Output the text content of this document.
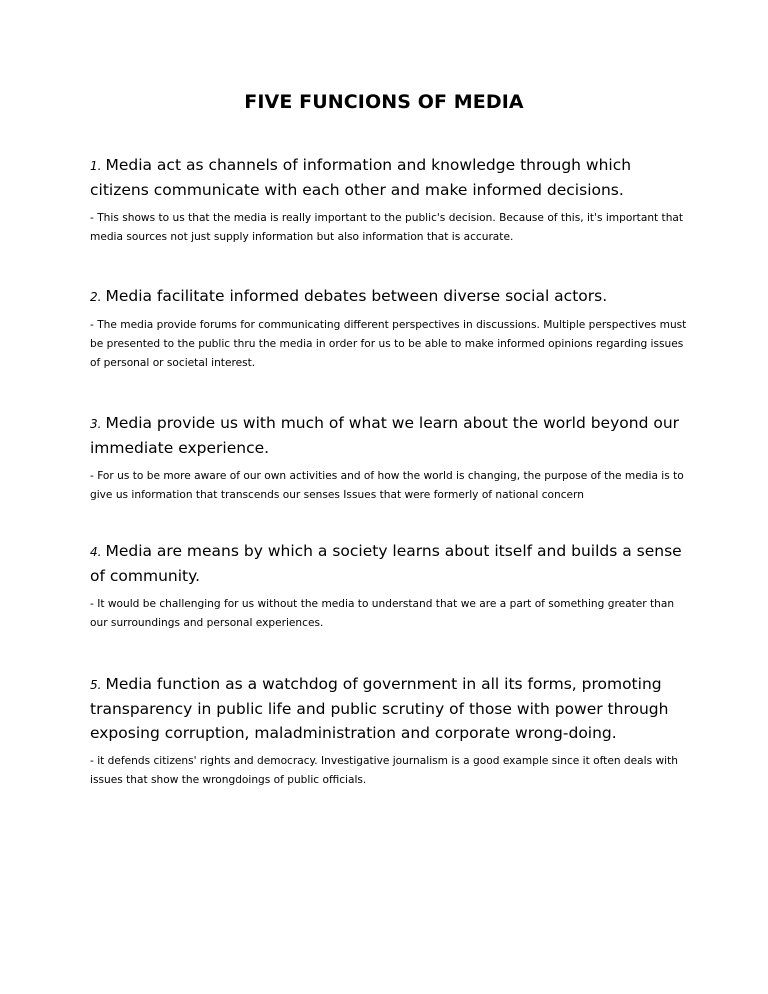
FIVE FUNCIONS OF MEDIA

1. Media act as channels of information and knowledge through which citizens communicate with each other and make informed decisions.

- This shows to us that the media is really important to the public's decision. Because of this, it's important that media sources not just supply information but also information that is accurate.

2. Media facilitate informed debates between diverse social actors.

- The media provide forums for communicating different perspectives in discussions. Multiple perspectives must be presented to the public thru the media in order for us to be able to make informed opinions regarding issues of personal or societal interest.

3. Media provide us with much of what we learn about the world beyond our immediate experience.

- For us to be more aware of our own activities and of how the world is changing, the purpose of the media is to give us information that transcends our senses Issues that were formerly of national concern

4. Media are means by which a society learns about itself and builds a sense of community.

- It would be challenging for us without the media to understand that we are a part of something greater than our surroundings and personal experiences.

5. Media function as a watchdog of government in all its forms, promoting transparency in public life and public scrutiny of those with power through exposing corruption, maladministration and corporate wrong-doing.

- it defends citizens' rights and democracy. Investigative journalism is a good example since it often deals with issues that show the wrongdoings of public officials.
